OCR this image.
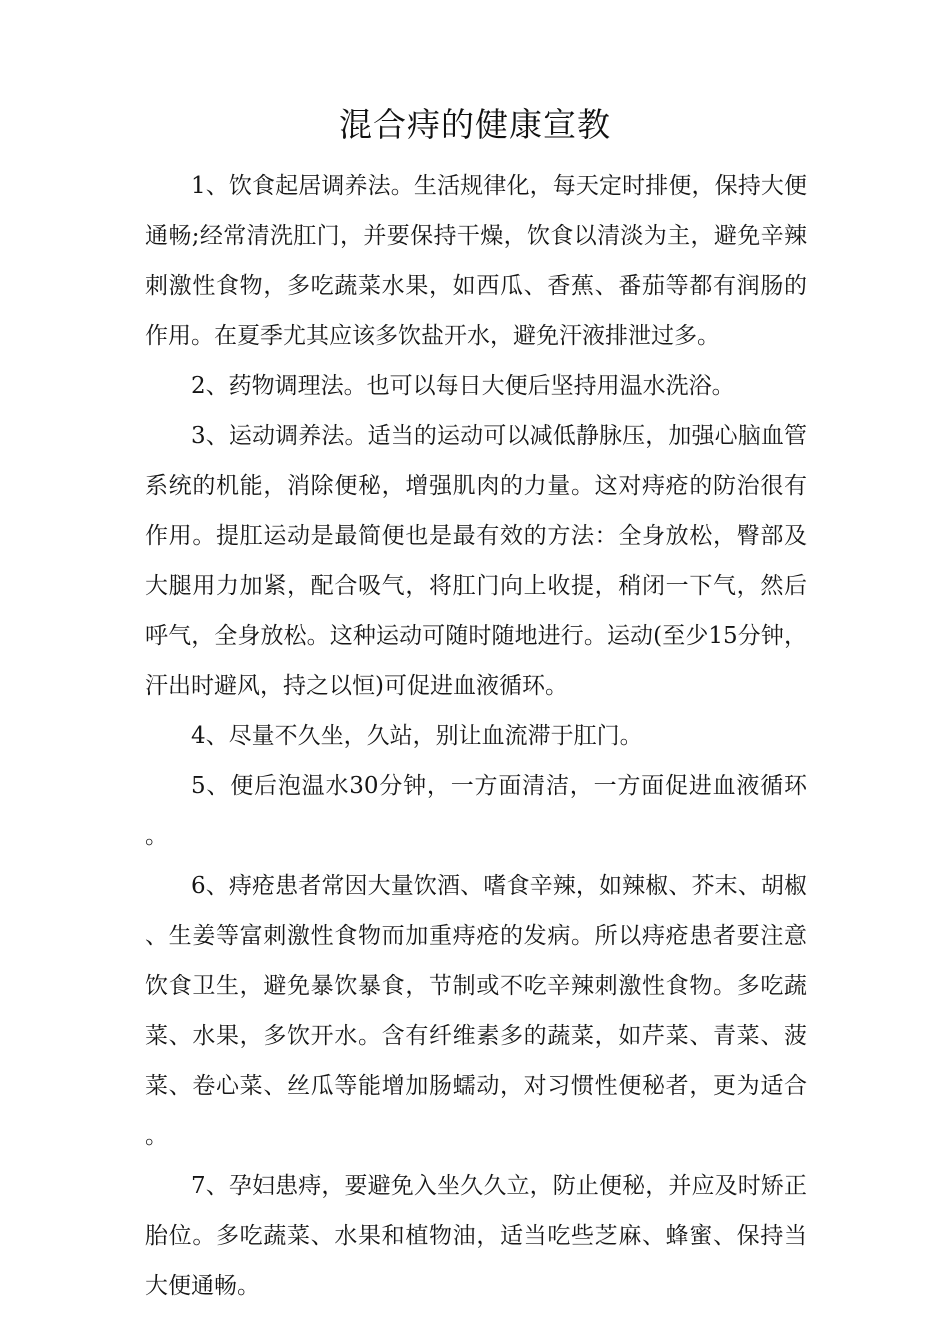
混合痔的健康宣教

1、饮食起居调养法。生活规律化，每天定时排便，保持大便通畅;经常清洗肛门，并要保持干燥，饮食以清淡为主，避免辛辣刺激性食物，多吃蔬菜水果，如西瓜、香蕉、番茄等都有润肠的作用。在夏季尤其应该多饮盐开水，避免汗液排泄过多。

2、药物调理法。也可以每日大便后坚持用温水洗浴。

3、运动调养法。适当的运动可以减低静脉压，加强心脑血管系统的机能，消除便秘，增强肌肉的力量。这对痔疮的防治很有作用。提肛运动是最简便也是最有效的方法：全身放松，臀部及大腿用力加紧，配合吸气，将肛门向上收提，稍闭一下气，然后呼气，全身放松。这种运动可随时随地进行。运动(至少15分钟，汗出时避风，持之以恒)可促进血液循环。

4、尽量不久坐，久站，别让血流滞于肛门。

5、便后泡温水30分钟，一方面清洁，一方面促进血液循环。

6、痔疮患者常因大量饮酒、嗜食辛辣，如辣椒、芥末、胡椒、生姜等富刺激性食物而加重痔疮的发病。所以痔疮患者要注意饮食卫生，避免暴饮暴食，节制或不吃辛辣刺激性食物。多吃蔬菜、水果，多饮开水。含有纤维素多的蔬菜，如芹菜、青菜、菠菜、卷心菜、丝瓜等能增加肠蠕动，对习惯性便秘者，更为适合。

7、孕妇患痔，要避免入坐久久立，防止便秘，并应及时矫正胎位。多吃蔬菜、水果和植物油，适当吃些芝麻、蜂蜜、保持当大便通畅。
